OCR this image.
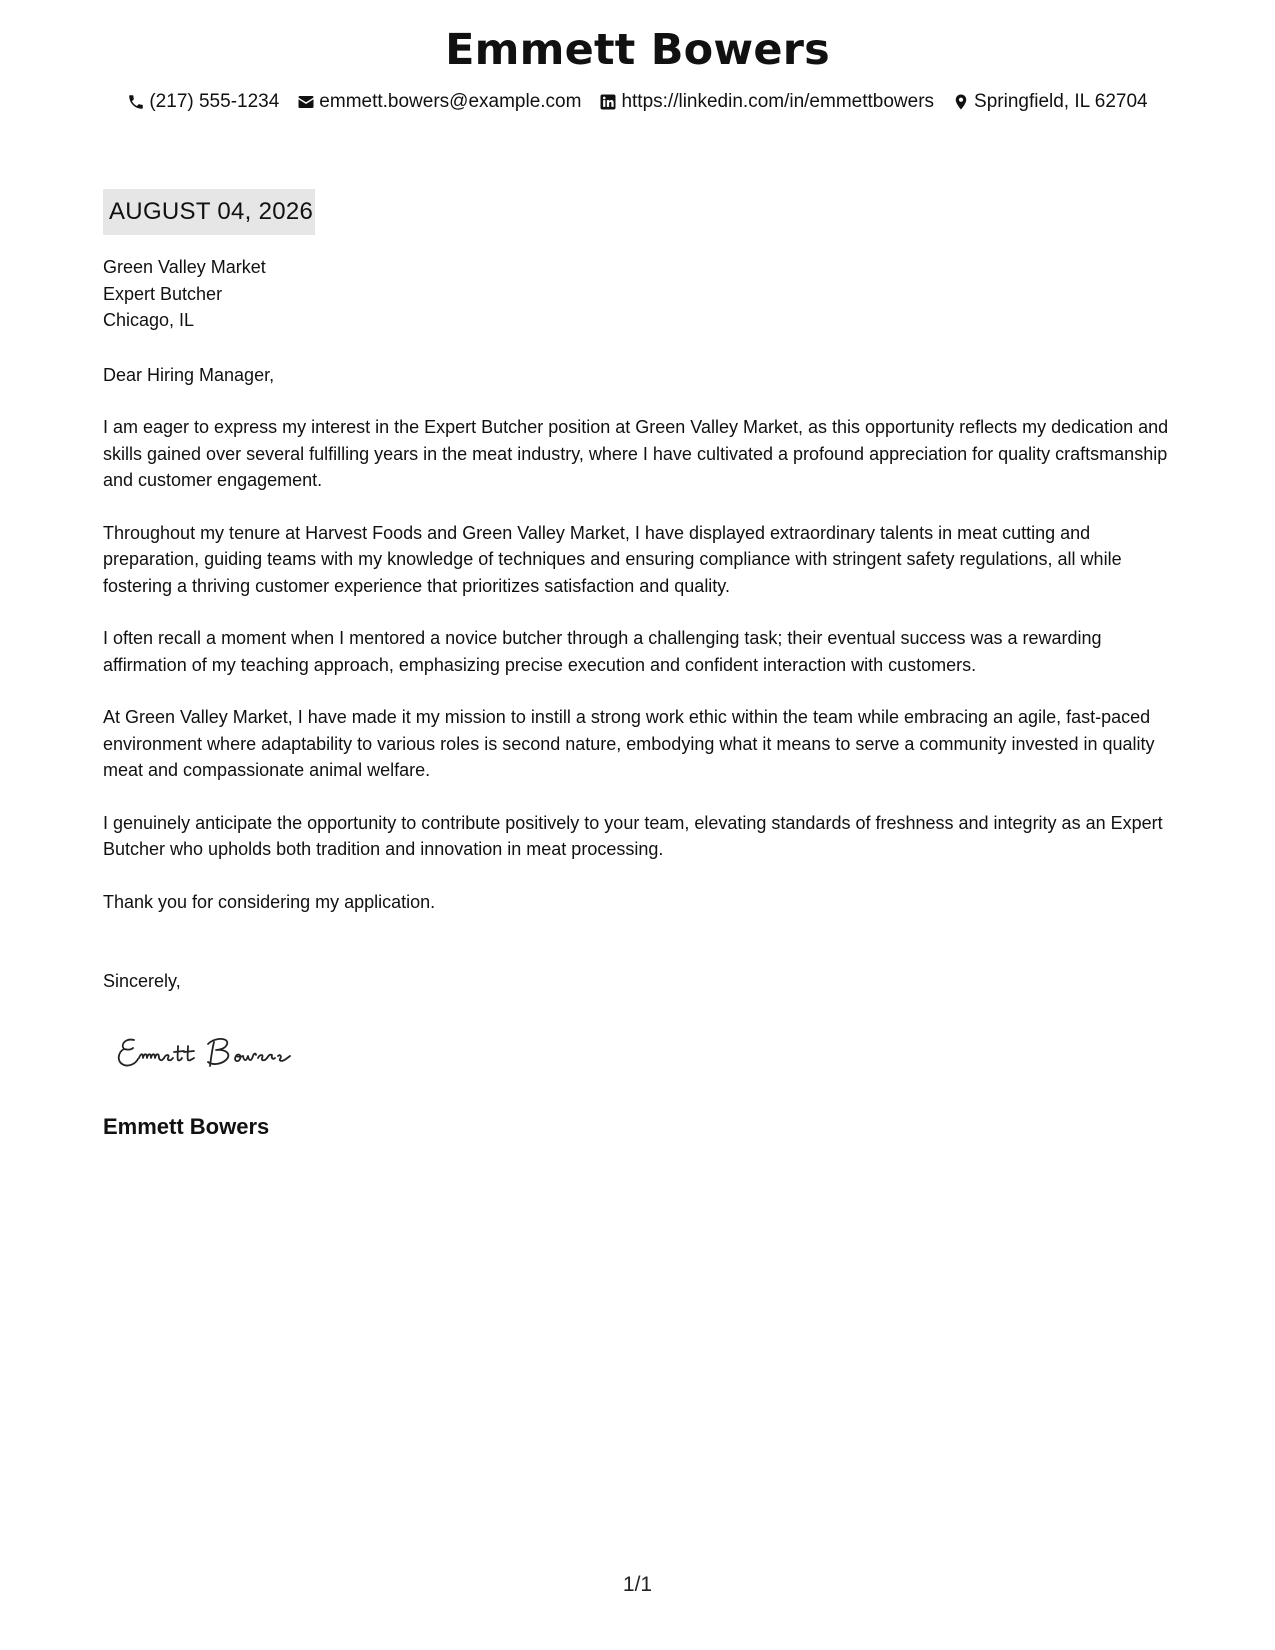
Emmett Bowers
(217) 555-1234 emmett.bowers@example.com https://linkedin.com/in/emmettbowers Springfield, IL 62704
AUGUST 04, 2026

Green Valley Market

Expert Butcher

Chicago, IL

Dear Hiring Manager,

I am eager to express my interest in the Expert Butcher position at Green Valley Market, as this opportunity reflects my dedication and skills gained over several fulfilling years in the meat industry, where I have cultivated a profound appreciation for quality craftsmanship and customer engagement.

Throughout my tenure at Harvest Foods and Green Valley Market, I have displayed extraordinary talents in meat cutting and preparation, guiding teams with my knowledge of techniques and ensuring compliance with stringent safety regulations, all while fostering a thriving customer experience that prioritizes satisfaction and quality.

I often recall a moment when I mentored a novice butcher through a challenging task; their eventual success was a rewarding affirmation of my teaching approach, emphasizing precise execution and confident interaction with customers.

At Green Valley Market, I have made it my mission to instill a strong work ethic within the team while embracing an agile, fast-paced environment where adaptability to various roles is second nature, embodying what it means to serve a community invested in quality meat and compassionate animal welfare.

I genuinely anticipate the opportunity to contribute positively to your team, elevating standards of freshness and integrity as an Expert Butcher who upholds both tradition and innovation in meat processing.

Thank you for considering my application.

Sincerely,

Emmett Bowers
Emmett Bowers
1/1
